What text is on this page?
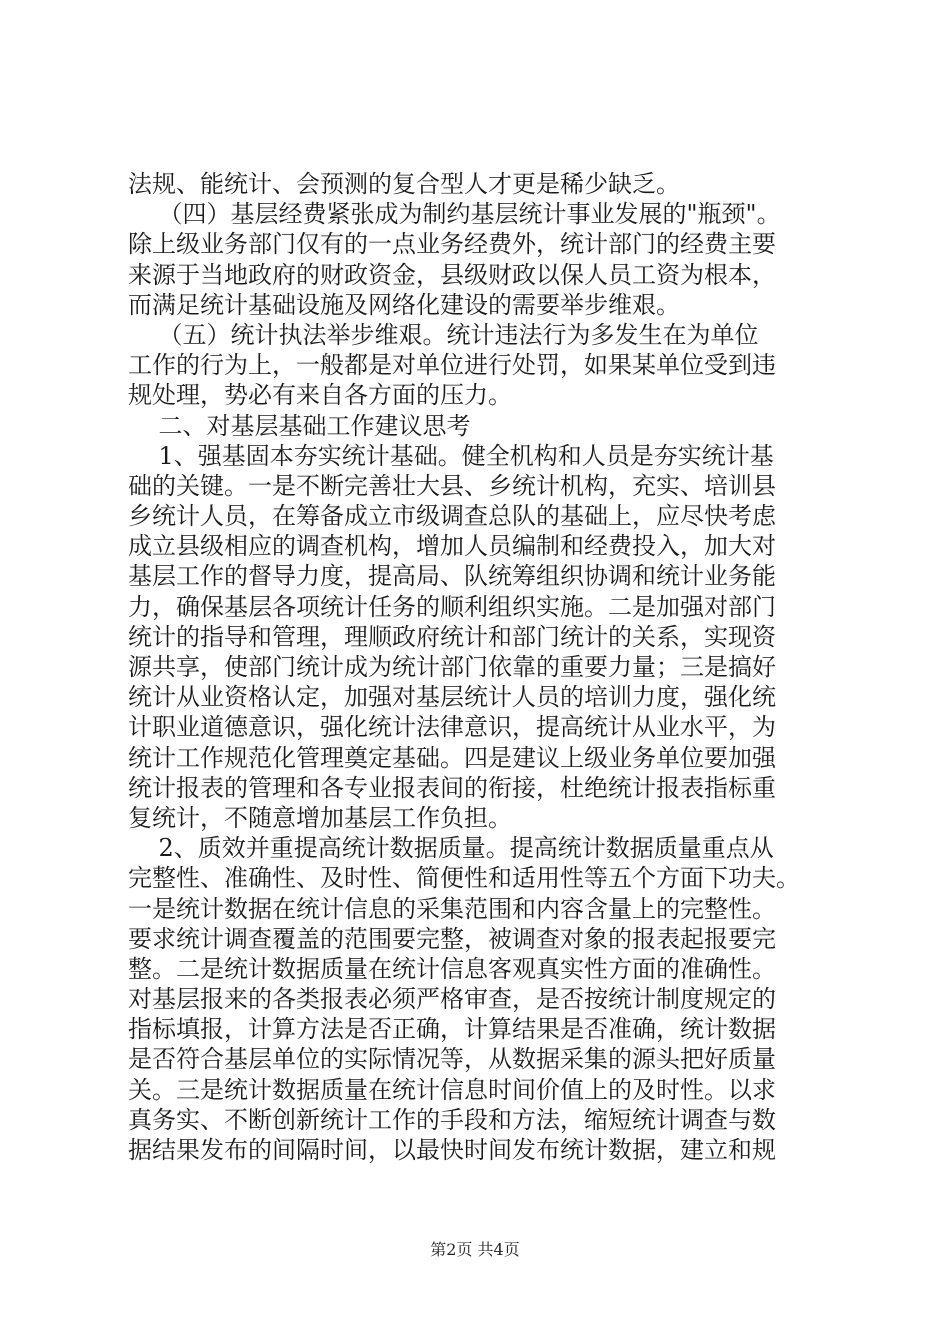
法规、能统计、会预测的复合型人才更是稀少缺乏。
（四）基层经费紧张成为制约基层统计事业发展的"瓶颈"。
除上级业务部门仅有的一点业务经费外，统计部门的经费主要
来源于当地政府的财政资金，县级财政以保人员工资为根本，
而满足统计基础设施及网络化建设的需要举步维艰。
（五）统计执法举步维艰。统计违法行为多发生在为单位
工作的行为上，一般都是对单位进行处罚，如果某单位受到违
规处理，势必有来自各方面的压力。
二、对基层基础工作建议思考
1、强基固本夯实统计基础。健全机构和人员是夯实统计基
础的关键。一是不断完善壮大县、乡统计机构，充实、培训县
乡统计人员，在筹备成立市级调查总队的基础上，应尽快考虑
成立县级相应的调查机构，增加人员编制和经费投入，加大对
基层工作的督导力度，提高局、队统筹组织协调和统计业务能
力，确保基层各项统计任务的顺利组织实施。二是加强对部门
统计的指导和管理，理顺政府统计和部门统计的关系，实现资
源共享，使部门统计成为统计部门依靠的重要力量；三是搞好
统计从业资格认定，加强对基层统计人员的培训力度，强化统
计职业道德意识，强化统计法律意识，提高统计从业水平，为
统计工作规范化管理奠定基础。四是建议上级业务单位要加强
统计报表的管理和各专业报表间的衔接，杜绝统计报表指标重
复统计，不随意增加基层工作负担。
2、质效并重提高统计数据质量。提高统计数据质量重点从
完整性、准确性、及时性、简便性和适用性等五个方面下功夫。
一是统计数据在统计信息的采集范围和内容含量上的完整性。
要求统计调查覆盖的范围要完整，被调查对象的报表起报要完
整。二是统计数据质量在统计信息客观真实性方面的准确性。
对基层报来的各类报表必须严格审查，是否按统计制度规定的
指标填报，计算方法是否正确，计算结果是否准确，统计数据
是否符合基层单位的实际情况等，从数据采集的源头把好质量
关。三是统计数据质量在统计信息时间价值上的及时性。以求
真务实、不断创新统计工作的手段和方法，缩短统计调查与数
据结果发布的间隔时间，以最快时间发布统计数据，建立和规
第2页 共4页
